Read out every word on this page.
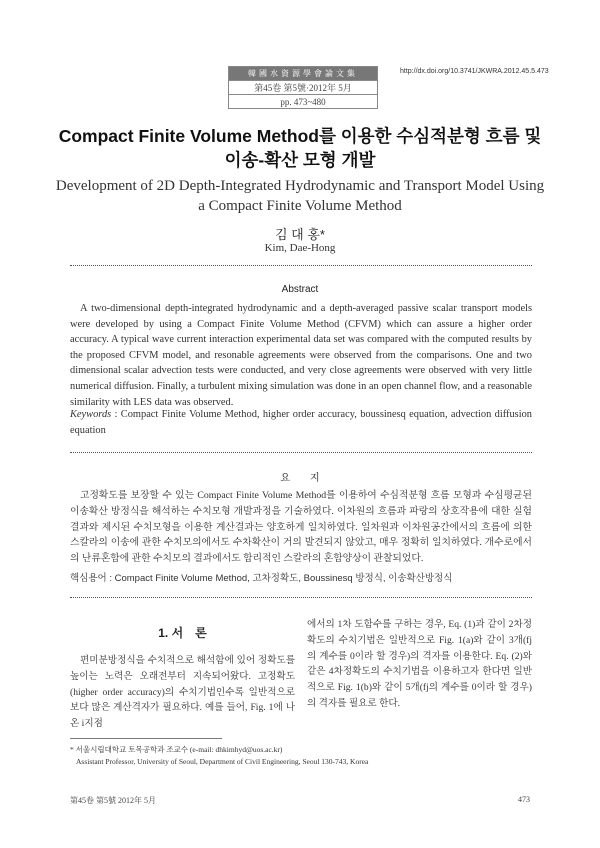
韓國水資源學會論文集
第45卷 第5號·2012年 5月
pp. 473~480
http://dx.doi.org/10.3741/JKWRA.2012.45.5.473
Compact Finite Volume Method를 이용한 수심적분형 흐름 및
이송-확산 모형 개발
Development of 2D Depth-Integrated Hydrodynamic and Transport Model Using
a Compact Finite Volume Method
김 대 홍*
Kim, Dae-Hong
Abstract

A two-dimensional depth-integrated hydrodynamic and a depth-averaged passive scalar transport models were developed by using a Compact Finite Volume Method (CFVM) which can assure a higher order accuracy. A typical wave current interaction experimental data set was compared with the computed results by the proposed CFVM model, and resonable agreements were observed from the comparisons. One and two dimensional scalar advection tests were conducted, and very close agreements were observed with very little numerical diffusion. Finally, a turbulent mixing simulation was done in an open channel flow, and a reasonable similarity with LES data was observed.

Keywords : Compact Finite Volume Method, higher order accuracy, boussinesq equation, advection diffusion equation
요　　지

고정확도를 보장할 수 있는 Compact Finite Volume Method를 이용하여 수심적분형 흐름 모형과 수심평균된 이송확산 방정식을 해석하는 수치모형 개발과정을 기술하였다. 이차원의 흐름과 파랑의 상호작용에 대한 실험결과와 제시된 수치모형을 이용한 계산결과는 양호하게 일치하였다. 일차원과 이차원공간에서의 흐름에 의한 스칼라의 이송에 관한 수치모의에서도 수차확산이 거의 발견되지 않았고, 매우 정확히 일치하였다. 개수로에서의 난류혼합에 관한 수치모의 결과에서도 합리적인 스칼라의 혼합양상이 관찰되었다.

핵심용어 : Compact Finite Volume Method, 고차정확도, Boussinesq 방정식, 이송확산방정식
1. 서　론
편미분방정식을 수치적으로 해석함에 있어 정확도를 높이는 노력은 오래전부터 지속되어왔다. 고정확도(higher order accuracy)의 수치기법인수록 일반적으로 보다 많은 계산격자가 필요하다. 예를 들어, Fig. 1에 나온 i지점
에서의 1차 도함수를 구하는 경우, Eq. (1)과 같이 2차정확도의 수치기법은 일반적으로 Fig. 1(a)와 같이 3개(fj의 계수를 0이라 할 경우)의 격자를 이용한다. Eq. (2)와 같은 4차정확도의 수치기법을 이용하고자 한다면 일반적으로 Fig. 1(b)와 같이 5개(fj의 계수를 0이라 할 경우)의 격자를 필요로 한다.
* 서울시립대학교 토목공학과 조교수 (e-mail: dhkimhyd@uos.ac.kr)
Assistant Professor, University of Seoul, Department of Civil Engineering, Seoul 130-743, Korea
第45卷 第5號 2012年 5月	473
